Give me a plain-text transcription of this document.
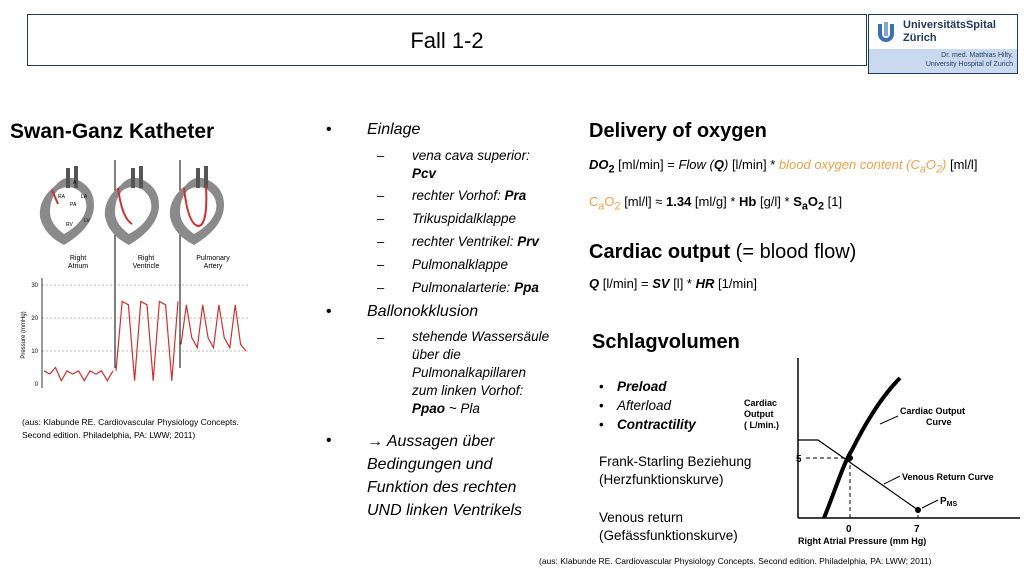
Fall 1-2
UniversitätsSpital
Zürich
Dr. med. Matthias Hilty,
University Hospital of Zurich
Swan-Ganz Katheter
RA	LA
PA
RV
LV
A
Right
Atrium
Right
Ventricle
Pulmonary
Artery
30
20
10
0
Pressure (mmHg)
(aus: Klabunde RE. Cardiovascular Physiology Concepts.
Second edition. Philadelphia, PA: LWW; 2011)
• Einlage
– vena cava superior:
Pcv
– rechter Vorhof: Pra
– Trikuspidalklappe
– rechter Ventrikel: Prv
– Pulmonalklappe
– Pulmonalarterie: Ppa
• Ballonokklusion
– stehende Wassersäule
über die
Pulmonalkapillaren
zum linken Vorhof:
Ppao ~ Pla
• → Aussagen über
Bedingungen und
Funktion des rechten
UND linken Ventrikels
Delivery of oxygen
$DO_2$ [ml/min] = Flow (Q) [l/min] * blood oxygen content $(C_aO_2)$ [ml/l]
$C_aO_2$ [ml/l] ≈ 1.34 [ml/g] * Hb $[g/l] * S_aO_2$ [1]
Cardiac output (= blood flow)
Q [l/min] = SV [l] * HR [1/min]
Schlagvolumen
• Preload
• Afterload
• Contractility
Frank-Starling Beziehung
(Herzfunktionskurve)
Venous return
(Gefässfunktionskurve)
Cardiac
Output
( L/min.)
5
0	7
Right Atrial Pressure (mm Hg)
Cardiac Output
Curve
Venous Return Curve
$P_{MS}$
(aus: Klabunde RE. Cardiovascular Physiology Concepts. Second edition. Philadelphia, PA: LWW; 2011)
